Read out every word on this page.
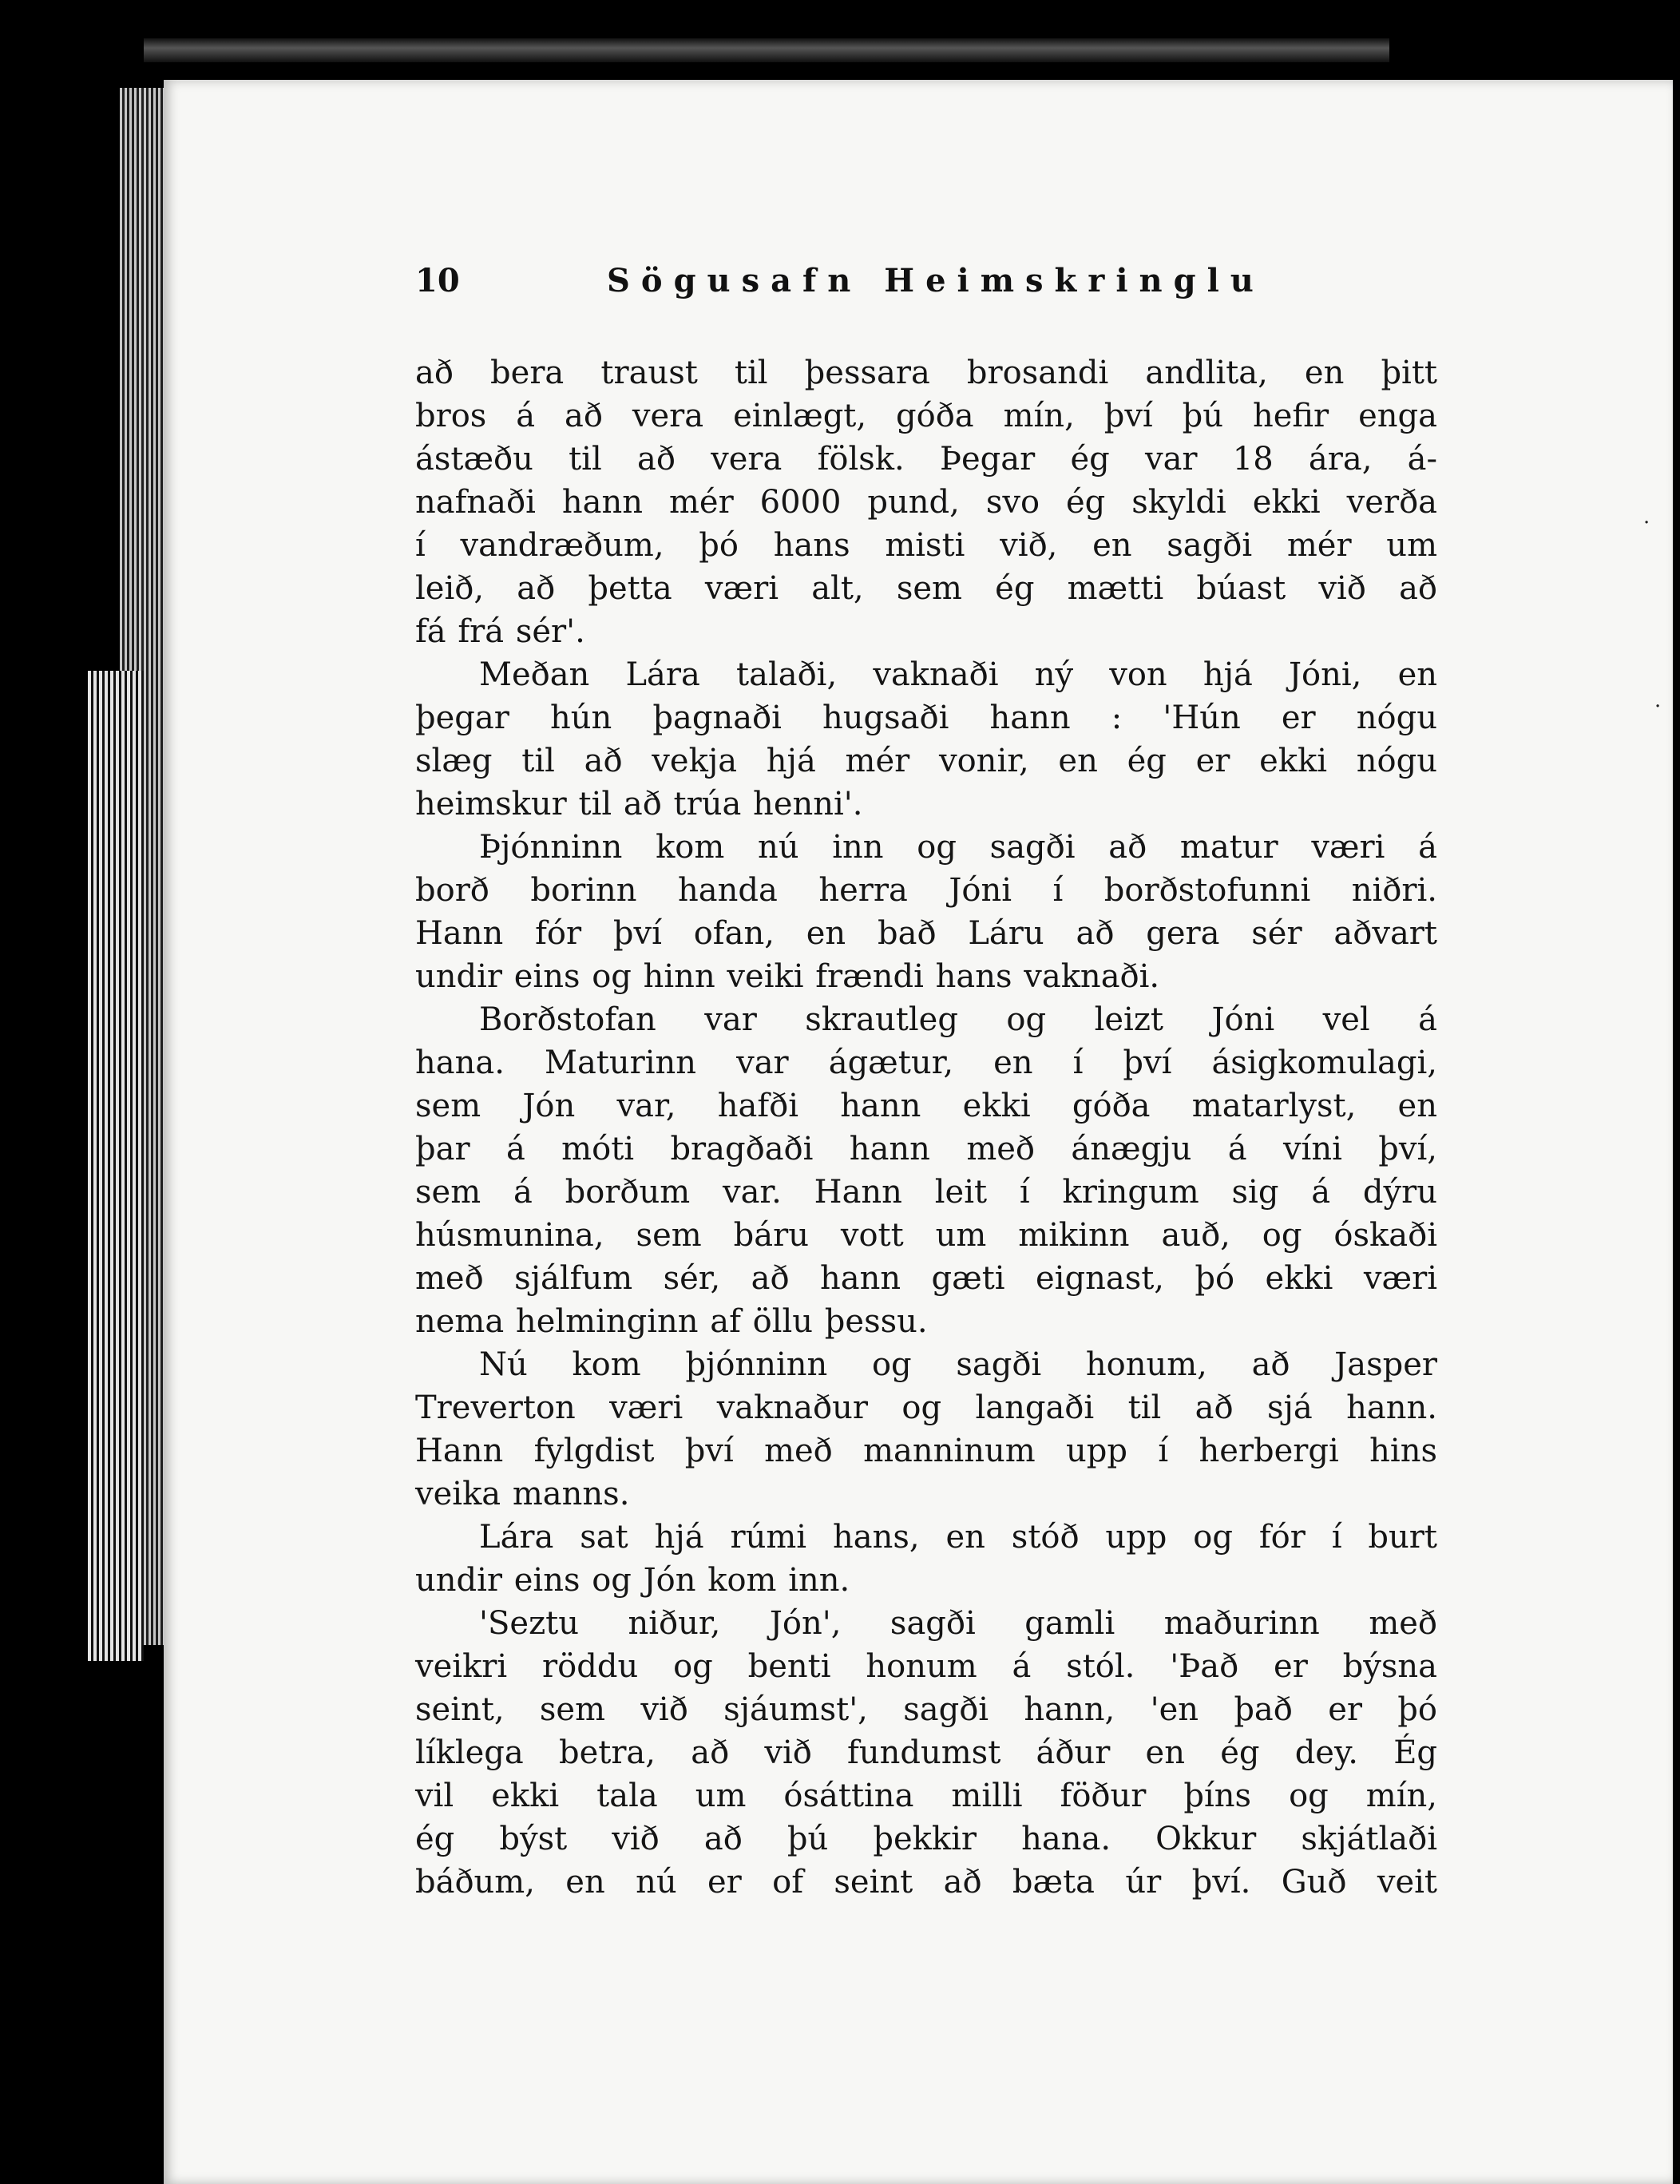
10	Sögusafn Heimskringlu
að bera traust til þessara brosandi andlita, en þitt
bros á að vera einlægt, góða mín, því þú hefir enga
ástæðu til að vera fölsk. Þegar ég var 18 ára, á-
nafnaði hann mér 6000 pund, svo ég skyldi ekki verða
í vandræðum, þó hans misti við, en sagði mér um
leið, að þetta væri alt, sem ég mætti búast við að
fá frá sér'.
Meðan Lára talaði, vaknaði ný von hjá Jóni, en
þegar hún þagnaði hugsaði hann : 'Hún er nógu
slæg til að vekja hjá mér vonir, en ég er ekki nógu
heimskur til að trúa henni'.
Þjónninn kom nú inn og sagði að matur væri á
borð borinn handa herra Jóni í borðstofunni niðri.
Hann fór því ofan, en bað Láru að gera sér aðvart
undir eins og hinn veiki frændi hans vaknaði.
Borðstofan var skrautleg og leizt Jóni vel á
hana. Maturinn var ágætur, en í því ásigkomulagi,
sem Jón var, hafði hann ekki góða matarlyst, en
þar á móti bragðaði hann með ánægju á víni því,
sem á borðum var. Hann leit í kringum sig á dýru
húsmunina, sem báru vott um mikinn auð, og óskaði
með sjálfum sér, að hann gæti eignast, þó ekki væri
nema helminginn af öllu þessu.
Nú kom þjónninn og sagði honum, að Jasper
Treverton væri vaknaður og langaði til að sjá hann.
Hann fylgdist því með manninum upp í herbergi hins
veika manns.
Lára sat hjá rúmi hans, en stóð upp og fór í burt
undir eins og Jón kom inn.
'Seztu niður, Jón', sagði gamli maðurinn með
veikri röddu og benti honum á stól. 'Það er býsna
seint, sem við sjáumst', sagði hann, 'en það er þó
líklega betra, að við fundumst áður en ég dey. Ég
vil ekki tala um ósáttina milli föður þíns og mín,
ég býst við að þú þekkir hana. Okkur skjátlaði
báðum, en nú er of seint að bæta úr því. Guð veit
·
·
